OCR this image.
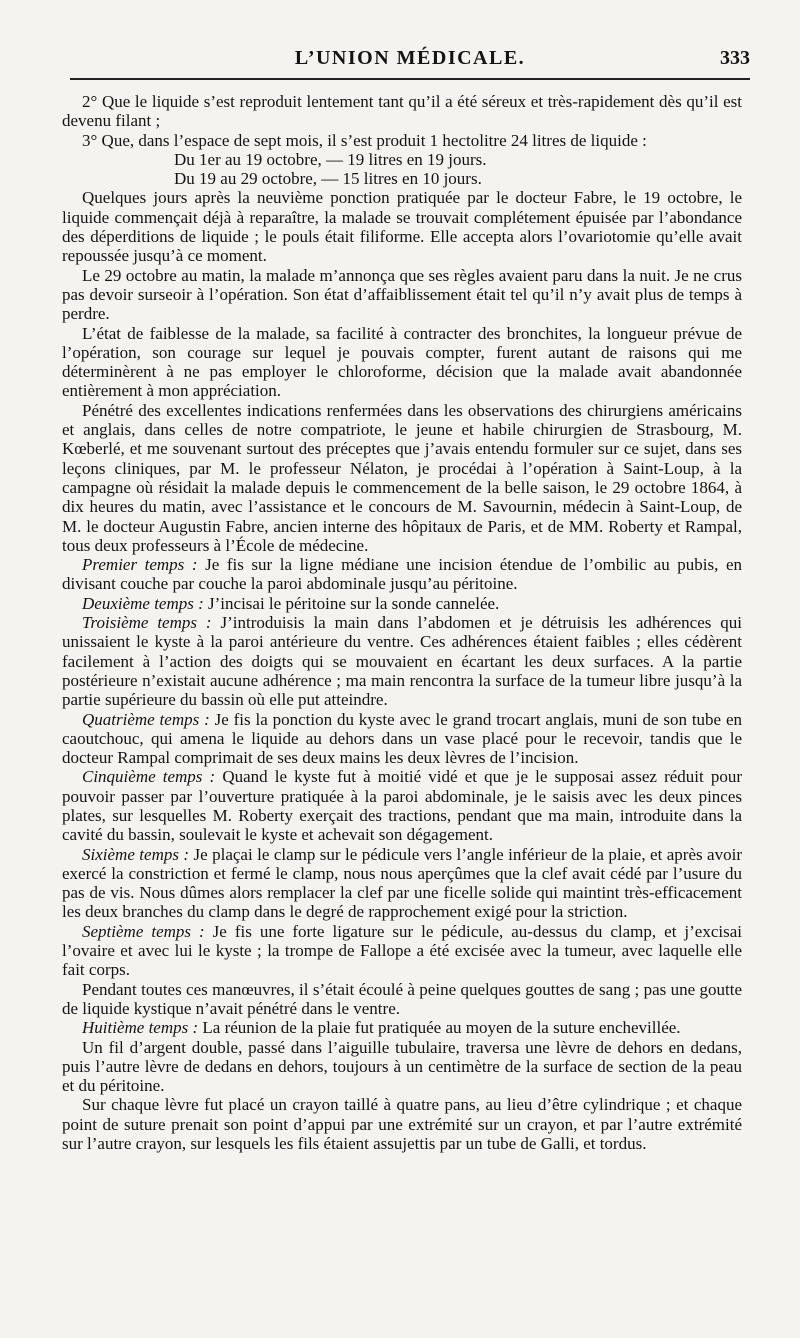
L’UNION MÉDICALE.	333

2° Que le liquide s’est reproduit lentement tant qu’il a été séreux et très-rapidement dès qu’il est devenu filant ;

3° Que, dans l’espace de sept mois, il s’est produit 1 hectolitre 24 litres de liquide :

Du 1er au 19 octobre, — 19 litres en 19 jours.

Du 19 au 29 octobre, — 15 litres en 10 jours.

Quelques jours après la neuvième ponction pratiquée par le docteur Fabre, le 19 octobre, le liquide commençait déjà à reparaître, la malade se trouvait complétement épuisée par l’abondance des déperditions de liquide ; le pouls était filiforme. Elle accepta alors l’ovariotomie qu’elle avait repoussée jusqu’à ce moment.

Le 29 octobre au matin, la malade m’annonça que ses règles avaient paru dans la nuit. Je ne crus pas devoir surseoir à l’opération. Son état d’affaiblissement était tel qu’il n’y avait plus de temps à perdre.

L’état de faiblesse de la malade, sa facilité à contracter des bronchites, la longueur prévue de l’opération, son courage sur lequel je pouvais compter, furent autant de raisons qui me déterminèrent à ne pas employer le chloroforme, décision que la malade avait abandonnée entièrement à mon appréciation.

Pénétré des excellentes indications renfermées dans les observations des chirurgiens américains et anglais, dans celles de notre compatriote, le jeune et habile chirurgien de Strasbourg, M. Kœberlé, et me souvenant surtout des préceptes que j’avais entendu formuler sur ce sujet, dans ses leçons cliniques, par M. le professeur Nélaton, je procédai à l’opération à Saint-Loup, à la campagne où résidait la malade depuis le commencement de la belle saison, le 29 octobre 1864, à dix heures du matin, avec l’assistance et le concours de M. Savournin, médecin à Saint-Loup, de M. le docteur Augustin Fabre, ancien interne des hôpitaux de Paris, et de MM. Roberty et Rampal, tous deux professeurs à l’École de médecine.

Premier temps : Je fis sur la ligne médiane une incision étendue de l’ombilic au pubis, en divisant couche par couche la paroi abdominale jusqu’au péritoine.

Deuxième temps : J’incisai le péritoine sur la sonde cannelée.

Troisième temps : J’introduisis la main dans l’abdomen et je détruisis les adhérences qui unissaient le kyste à la paroi antérieure du ventre. Ces adhérences étaient faibles ; elles cédèrent facilement à l’action des doigts qui se mouvaient en écartant les deux surfaces. A la partie postérieure n’existait aucune adhérence ; ma main rencontra la surface de la tumeur libre jusqu’à la partie supérieure du bassin où elle put atteindre.

Quatrième temps : Je fis la ponction du kyste avec le grand trocart anglais, muni de son tube en caoutchouc, qui amena le liquide au dehors dans un vase placé pour le recevoir, tandis que le docteur Rampal comprimait de ses deux mains les deux lèvres de l’incision.

Cinquième temps : Quand le kyste fut à moitié vidé et que je le supposai assez réduit pour pouvoir passer par l’ouverture pratiquée à la paroi abdominale, je le saisis avec les deux pinces plates, sur lesquelles M. Roberty exerçait des tractions, pendant que ma main, introduite dans la cavité du bassin, soulevait le kyste et achevait son dégagement.

Sixième temps : Je plaçai le clamp sur le pédicule vers l’angle inférieur de la plaie, et après avoir exercé la constriction et fermé le clamp, nous nous aperçûmes que la clef avait cédé par l’usure du pas de vis. Nous dûmes alors remplacer la clef par une ficelle solide qui maintint très-efficacement les deux branches du clamp dans le degré de rapprochement exigé pour la striction.

Septième temps : Je fis une forte ligature sur le pédicule, au-dessus du clamp, et j’excisai l’ovaire et avec lui le kyste ; la trompe de Fallope a été excisée avec la tumeur, avec laquelle elle fait corps.

Pendant toutes ces manœuvres, il s’était écoulé à peine quelques gouttes de sang ; pas une goutte de liquide kystique n’avait pénétré dans le ventre.

Huitième temps : La réunion de la plaie fut pratiquée au moyen de la suture enchevillée.

Un fil d’argent double, passé dans l’aiguille tubulaire, traversa une lèvre de dehors en dedans, puis l’autre lèvre de dedans en dehors, toujours à un centimètre de la surface de section de la peau et du péritoine.

Sur chaque lèvre fut placé un crayon taillé à quatre pans, au lieu d’être cylindrique ; et chaque point de suture prenait son point d’appui par une extrémité sur un crayon, et par l’autre extrémité sur l’autre crayon, sur lesquels les fils étaient assujettis par un tube de Galli, et tordus.
